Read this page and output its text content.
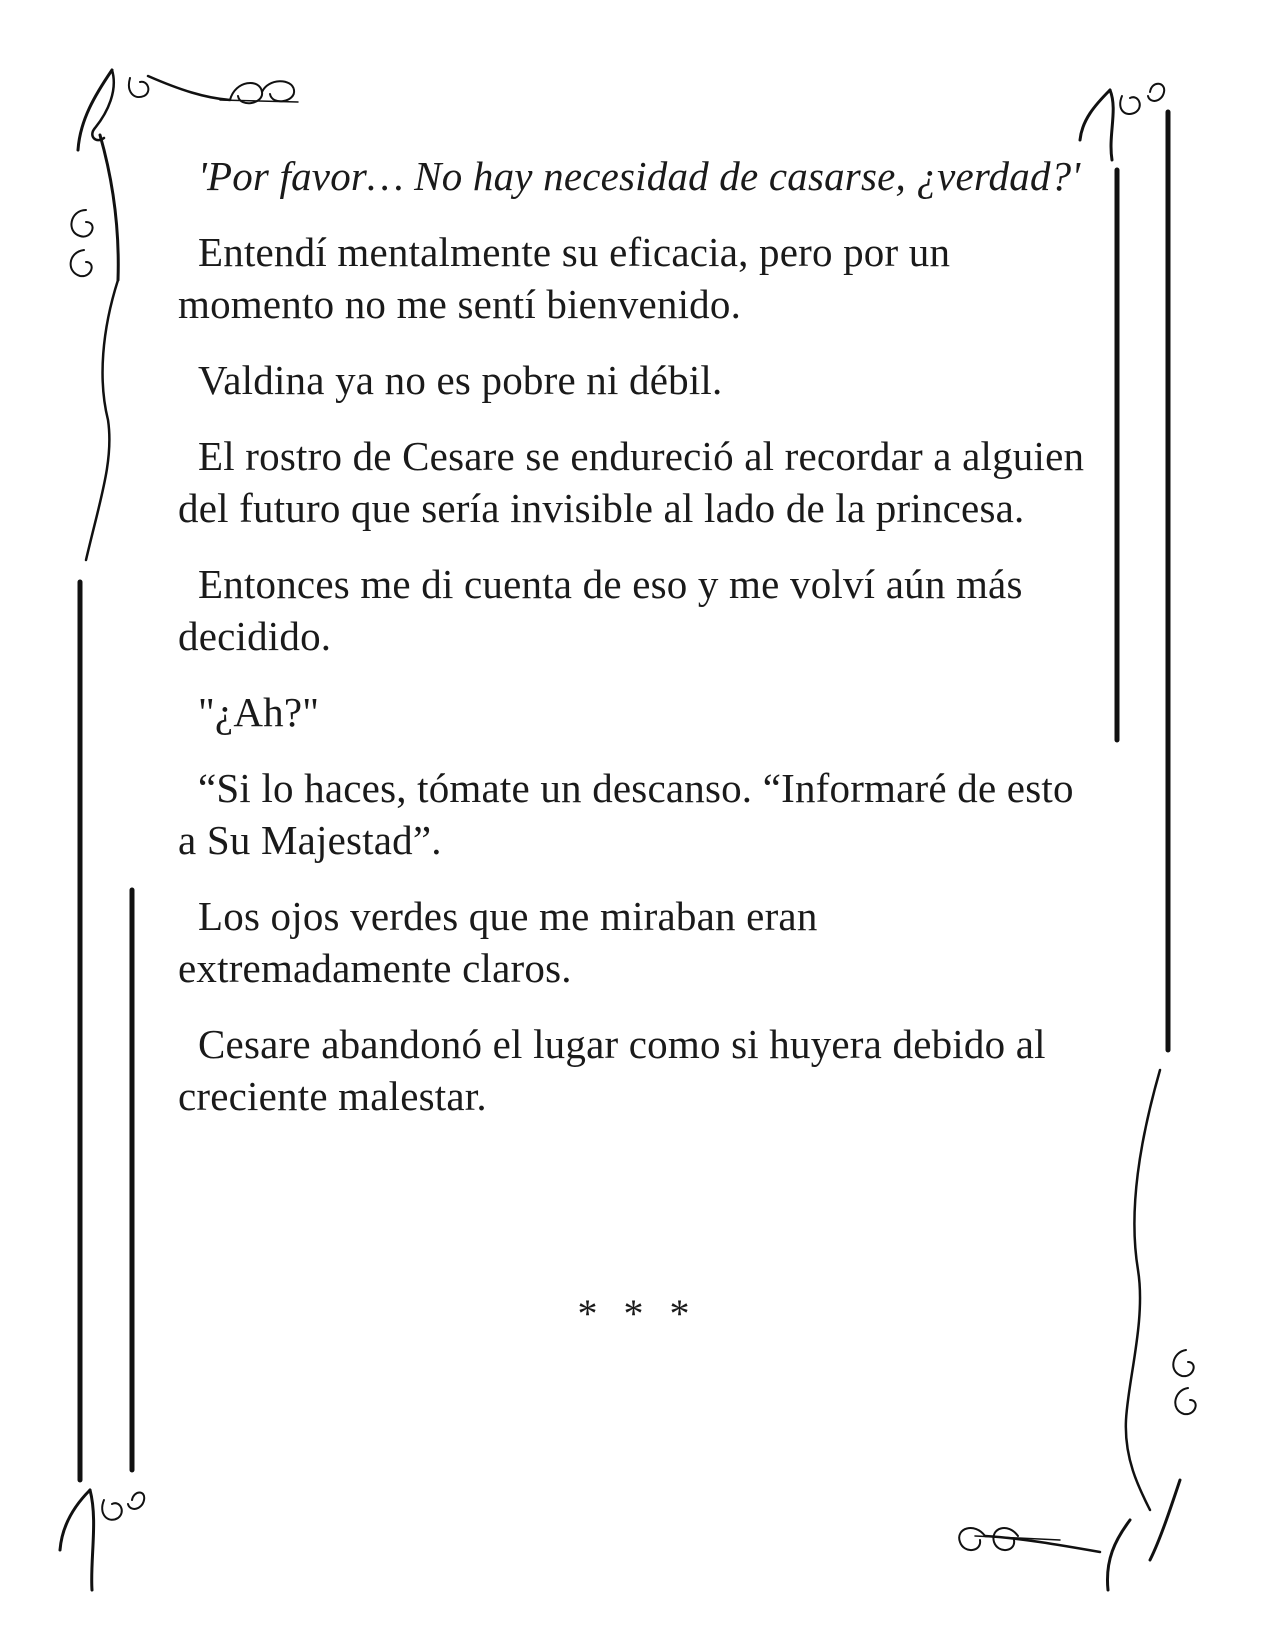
'Por favor… No hay necesidad de casarse, ¿verdad?'

Entendí mentalmente su eficacia, pero por un momento no me sentí bienvenido.

Valdina ya no es pobre ni débil.

El rostro de Cesare se endureció al recordar a alguien del futuro que sería invisible al lado de la princesa.

Entonces me di cuenta de eso y me volví aún más decidido.

"¿Ah?"

“Si lo haces, tómate un descanso. “Informaré de esto a Su Majestad”.

Los ojos verdes que me miraban eran extremadamente claros.

Cesare abandonó el lugar como si huyera debido al creciente malestar.

* * *
